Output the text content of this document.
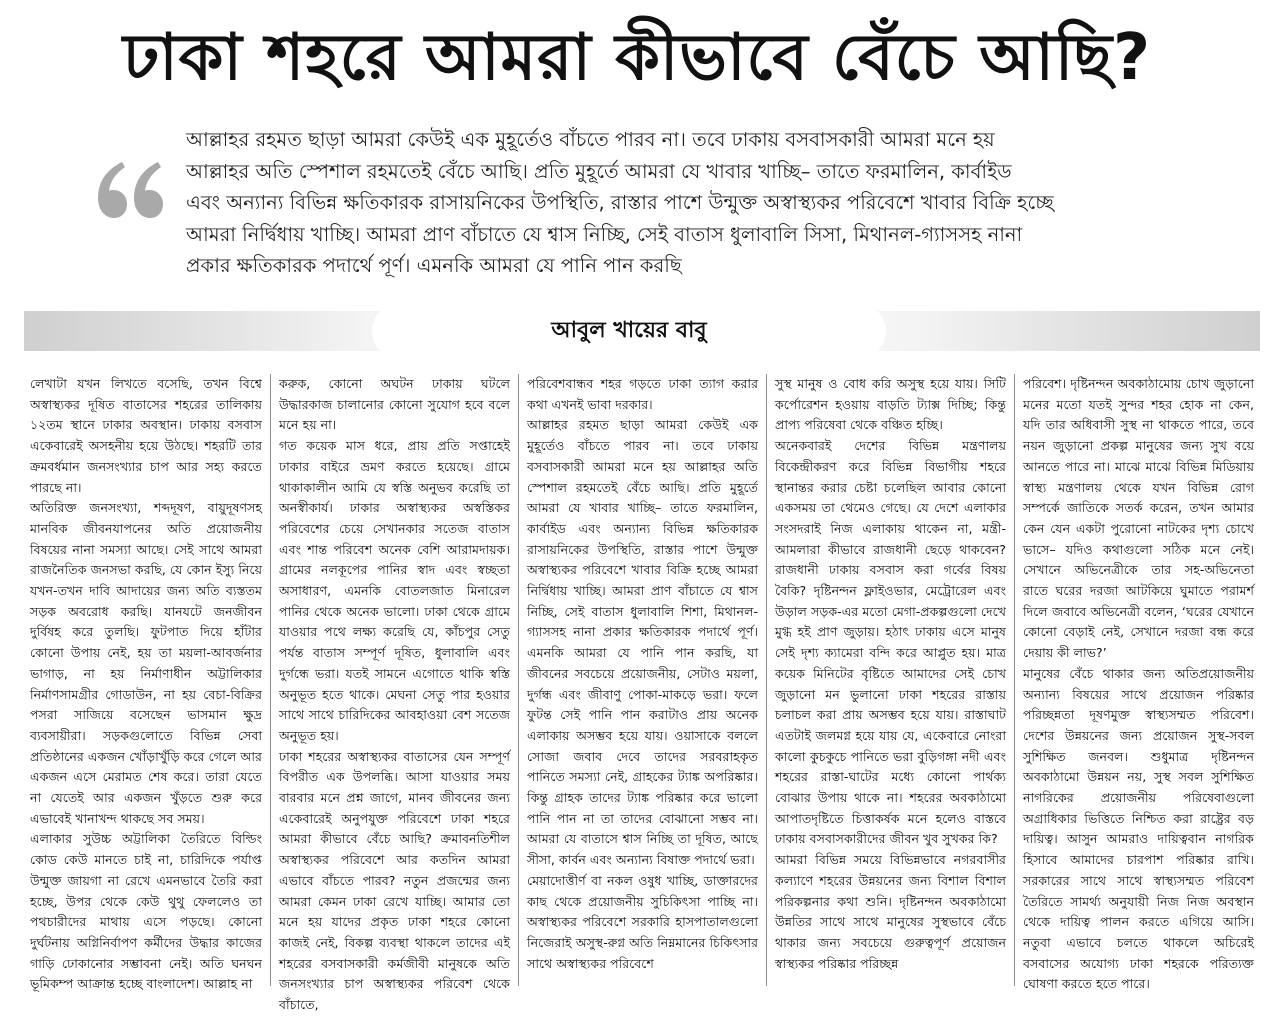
ঢাকা শহরে আমরা কীভাবে বেঁচে আছি?

আল্লাহর রহমত ছাড়া আমরা কেউই এক মুহূর্তেও বাঁচতে পারব না। তবে ঢাকায় বসবাসকারী আমরা মনে হয়

আল্লাহর অতি স্পেশাল রহমতেই বেঁচে আছি। প্রতি মুহূর্তে আমরা যে খাবার খাচ্ছি– তাতে ফরমালিন, কার্বাইড

এবং অন্যান্য বিভিন্ন ক্ষতিকারক রাসায়নিকের উপস্থিতি, রাস্তার পাশে উন্মুক্ত অস্বাস্থ্যকর পরিবেশে খাবার বিক্রি হচ্ছে

আমরা নির্দ্বিধায় খাচ্ছি। আমরা প্রাণ বাঁচাতে যে শ্বাস নিচ্ছি, সেই বাতাস ধুলাবালি সিসা, মিথানল-গ্যাসসহ নানা

প্রকার ক্ষতিকারক পদার্থে পূর্ণ। এমনকি আমরা যে পানি পান করছি

আবুল খায়ের বাবু

লেখাটা যখন লিখতে বসেছি, তখন বিশ্বে অস্বাস্থ্যকর দূষিত বাতাসের শহরের তালিকায় ১২তম স্থানে ঢাকার অবস্থান। ঢাকায় বসবাস একেবারেই অসহনীয় হয়ে উঠছে। শহরটি তার ক্রমবর্ধমান জনসংখ্যার চাপ আর সহ্য করতে পারছে না।

অতিরিক্ত জনসংখ্যা, শব্দদূষণ, বায়ুদূষণসহ মানবিক জীবনযাপনের অতি প্রয়োজনীয় বিষয়ের নানা সমস্যা আছে। সেই সাথে আমরা রাজনৈতিক জনসভা করছি, যে কোন ইস্যু নিয়ে যখন-তখন দাবি আদায়ের জন্য অতি ব্যস্ততম সড়ক অবরোধ করছি। যানযটে জনজীবন দুর্বিষহ করে তুলছি। ফুটপাত দিয়ে হাঁটার কোনো উপায় নেই, হয় তা ময়লা-আবর্জনার ভাগাড়, না হয় নির্মাণাধীন অট্টালিকার নির্মাণসামগ্রীর গোডাউন, না হয় বেচা-বিক্রির পসরা সাজিয়ে বসেছেন ভাসমান ক্ষুদ্র ব্যবসায়ীরা। সড়কগুলোতে বিভিন্ন সেবা প্রতিষ্ঠানের একজন খোঁড়াখুঁড়ি করে গেলে আর একজন এসে মেরামত শেষ করে। তারা যেতে না যেতেই আর একজন খুঁড়তে শুরু করে এভাবেই খানাখন্দ থাকছে সব সময়।

এলাকার সুউচ্চ অট্টালিকা তৈরিতে বিল্ডিং কোড কেউ মানতে চাই না, চারিদিকে পর্যাপ্ত উন্মুক্ত জায়গা না রেখে এমনভাবে তৈরি করা হচ্ছে, উপর থেকে কেউ থুথু ফেললেও তা পথচারীদের মাথায় এসে পড়ছে। কোনো দুর্ঘটনায় অগ্নিনির্বাপণ কর্মীদের উদ্ধার কাজের গাড়ি ঢোকানোর সম্ভাবনা নেই। অতি ঘনঘন ভূমিকম্প আক্রান্ত হচ্ছে বাংলাদেশ। আল্লাহ না

করুক, কোনো অঘটন ঢাকায় ঘটলে উদ্ধারকাজ চালানোর কোনো সুযোগ হবে বলে মনে হয় না।

গত কয়েক মাস ধরে, প্রায় প্রতি সপ্তাহেই ঢাকার বাইরে ভ্রমণ করতে হয়েছে। গ্রামে থাকাকালীন আমি যে স্বস্তি অনুভব করেছি তা অনস্বীকার্য। ঢাকার অস্বাস্থ্যকর অস্বস্তিকর পরিবেশের চেয়ে সেখানকার সতেজ বাতাস এবং শান্ত পরিবেশ অনেক বেশি আরামদায়ক। গ্রামের নলকূপের পানির স্বাদ এবং স্বচ্ছতা অসাধারণ, এমনকি বোতলজাত মিনারেল পানির থেকে অনেক ভালো। ঢাকা থেকে গ্রামে যাওয়ার পথে লক্ষ্য করেছি যে, কাঁচপুর সেতু পর্যন্ত বাতাস সম্পূর্ণ দূষিত, ধুলাবালি এবং দুর্গন্ধে ভরা। যতই সামনে এগোতে থাকি স্বস্তি অনুভূত হতে থাকে। মেঘনা সেতু পার হওয়ার সাথে সাথে চারিদিকের আবহাওয়া বেশ সতেজ অনুভূত হয়।

ঢাকা শহরের অস্বাস্থ্যকর বাতাসের যেন সম্পূর্ণ বিপরীত এক উপলব্ধি। আসা যাওয়ার সময় বারবার মনে প্রশ্ন জাগে, মানব জীবনের জন্য একেবারেই অনুপযুক্ত পরিবেশে ঢাকা শহরে আমরা কীভাবে বেঁচে আছি? ক্রমাবনতিশীল অস্বাস্থ্যকর পরিবেশে আর কতদিন আমরা এভাবে বাঁচতে পারব? নতুন প্রজন্মের জন্য আমরা কেমন ঢাকা রেখে যাচ্ছি। আমার তো মনে হয় যাদের প্রকৃত ঢাকা শহরে কোনো কাজই নেই, বিকল্প ব্যবস্থা থাকলে তাদের এই শহরের বসবাসকারী কর্মজীবী মানুষকে অতি জনসংখ্যার চাপ অস্বাস্থ্যকর পরিবেশ থেকে বাঁচাতে,

পরিবেশবান্ধব শহর গড়তে ঢাকা ত্যাগ করার কথা এখনই ভাবা দরকার।

আল্লাহর রহমত ছাড়া আমরা কেউই এক মুহূর্তেও বাঁচতে পারব না। তবে ঢাকায় বসবাসকারী আমরা মনে হয় আল্লাহর অতি স্পেশাল রহমতেই বেঁচে আছি। প্রতি মুহূর্তে আমরা যে খাবার খাচ্ছি– তাতে ফরমালিন, কার্বাইড এবং অন্যান্য বিভিন্ন ক্ষতিকারক রাসায়নিকের উপস্থিতি, রাস্তার পাশে উন্মুক্ত অস্বাস্থ্যকর পরিবেশে খাবার বিক্রি হচ্ছে আমরা নির্দ্বিধায় খাচ্ছি। আমরা প্রাণ বাঁচাতে যে শ্বাস নিচ্ছি, সেই বাতাস ধুলাবালি শিশা, মিথানল-গ্যাসসহ নানা প্রকার ক্ষতিকারক পদার্থে পূর্ণ। এমনকি আমরা যে পানি পান করছি, যা জীবনের সবচেয়ে প্রয়োজনীয়, সেটাও ময়লা, দুর্গন্ধ এবং জীবাণু পোকা-মাকড়ে ভরা। ফলে ফুটন্ত সেই পানি পান করাটাও প্রায় অনেক এলাকায় অসম্ভব হয়ে যায়। ওয়াসাকে বললে সোজা জবাব দেবে তাদের সরবরাহকৃত পানিতে সমস্যা নেই, গ্রাহকের ট্যাঙ্ক অপরিষ্কার। কিন্তু গ্রাহক তাদের ট্যাঙ্ক পরিষ্কার করে ভালো পানি পান না তা তাদের বোঝানো সম্ভব না। আমরা যে বাতাসে শ্বাস নিচ্ছি তা দূষিত, আছে সীসা, কার্বন এবং অন্যান্য বিষাক্ত পদার্থে ভরা।

মেয়াদোত্তীর্ণ বা নকল ওষুধ খাচ্ছি, ডাক্তারদের কাছ থেকে প্রয়োজনীয় সুচিকিৎসা পাচ্ছি না। অস্বাস্থ্যকর পরিবেশে সরকারি হাসপাতালগুলো নিজেরাই অসুস্থ-রুগ্ন অতি নিম্নমানের চিকিৎসার সাথে অস্বাস্থ্যকর পরিবেশে

সুস্থ মানুষ ও বোধ করি অসুস্থ হয়ে যায়। সিটি কর্পোরেশন হওয়ায় বাড়তি ট্যাক্স দিচ্ছি; কিন্তু প্রাপ্য পরিষেবা থেকে বঞ্চিত হচ্ছি।

অনেকবারই দেশের বিভিন্ন মন্ত্রণালয় বিকেন্দ্রীকরণ করে বিভিন্ন বিভাগীয় শহরে স্থানান্তর করার চেষ্টা চলেছিল আবার কোনো একসময় তা থেমেও গেছে। যে দেশে এলাকার সংসদরাই নিজ এলাকায় থাকেন না, মন্ত্রী-আমলারা কীভাবে রাজধানী ছেড়ে থাকবেন? রাজধানী ঢাকায় বসবাস করা গর্বের বিষয় বৈকি? দৃষ্টিনন্দন ফ্লাইওভার, মেট্রোরেল এবং উড়াল সড়ক-এর মতো মেগা-প্রকল্পগুলো দেখে মুগ্ধ হই প্রাণ জুড়ায়। হঠাৎ ঢাকায় এসে মানুষ সেই দৃশ্য ক্যামেরা বন্দি করে আপ্লুত হয়। মাত্র কয়েক মিনিটের বৃষ্টিতে আমাদের সেই চোখ জুড়ানো মন ভুলানো ঢাকা শহরের রাস্তায় চলাচল করা প্রায় অসম্ভব হয়ে যায়। রাস্তাঘাট এতটাই জলমগ্ন হয়ে যায় যে, একেবারে নোংরা কালো কুচকুচে পানিতে ভরা বুড়িগঙ্গা নদী এবং শহরের রাস্তা-ঘাটের মধ্যে কোনো পার্থক্য বোঝার উপায় থাকে না। শহরের অবকাঠামো আপাতদৃষ্টিতে চিত্তাকর্ষক মনে হলেও বাস্তবে ঢাকায় বসবাসকারীদের জীবন খুব সুখকর কি?

আমরা বিভিন্ন সময়ে বিভিন্নভাবে নগরবাসীর কল্যাণে শহরের উন্নয়নের জন্য বিশাল বিশাল পরিকল্পনার কথা শুনি। দৃষ্টিনন্দন অবকাঠামো উন্নতির সাথে সাথে মানুষের সুস্থভাবে বেঁচে থাকার জন্য সবচেয়ে গুরুত্বপূর্ণ প্রয়োজন স্বাস্থ্যকর পরিষ্কার পরিচ্ছন্ন

পরিবেশ। দৃষ্টিনন্দন অবকাঠামোয় চোখ জুড়ানো মনের মতো যতই সুন্দর শহর হোক না কেন, যদি তার অধিবাসী সুস্থ না থাকতে পারে, তবে নয়ন জুড়ানো প্রকল্প মানুষের জন্য সুখ বয়ে আনতে পারে না। মাঝে মাঝে বিভিন্ন মিডিয়ায় স্বাস্থ্য মন্ত্রণালয় থেকে যখন বিভিন্ন রোগ সম্পর্কে জাতিকে সতর্ক করেন, তখন আমার কেন যেন একটা পুরোনো নাটকের দৃশ্য চোখে ভাসে– যদিও কথাগুলো সঠিক মনে নেই। সেখানে অভিনেত্রীকে তার সহ-অভিনেতা রাতে ঘরের দরজা আটকিয়ে ঘুমাতে পরামর্শ দিলে জবাবে অভিনেত্রী বলেন, ‘ঘরের যেখানে কোনো বেড়াই নেই, সেখানে দরজা বন্ধ করে দেয়ায় কী লাভ?’

মানুষের বেঁচে থাকার জন্য অতিপ্রয়োজনীয় অন্যান্য বিষয়ের সাথে প্রয়োজন পরিষ্কার পরিচ্ছন্নতা দূষণমুক্ত স্বাস্থ্যসম্মত পরিবেশ। দেশের উন্নয়নের জন্য প্রয়োজন সুস্থ-সবল সুশিক্ষিত জনবল। শুধুমাত্র দৃষ্টিনন্দন অবকাঠামো উন্নয়ন নয়, সুস্থ সবল সুশিক্ষিত নাগরিকের প্রয়োজনীয় পরিষেবাগুলো অগ্রাধিকার ভিত্তিতে নিশ্চিত করা রাষ্ট্রের বড় দায়িত্ব। আসুন আমরাও দায়িত্ববান নাগরিক হিসাবে আমাদের চারপাশ পরিষ্কার রাখি। সরকারের সাথে সাথে স্বাস্থ্যসম্মত পরিবেশ তৈরিতে সামর্থ্য অনুযায়ী নিজ নিজ অবস্থান থেকে দায়িত্ব পালন করতে এগিয়ে আসি। নতুবা এভাবে চলতে থাকলে অচিরেই বসবাসের অযোগ্য ঢাকা শহরকে পরিত্যক্ত ঘোষণা করতে হতে পারে।
